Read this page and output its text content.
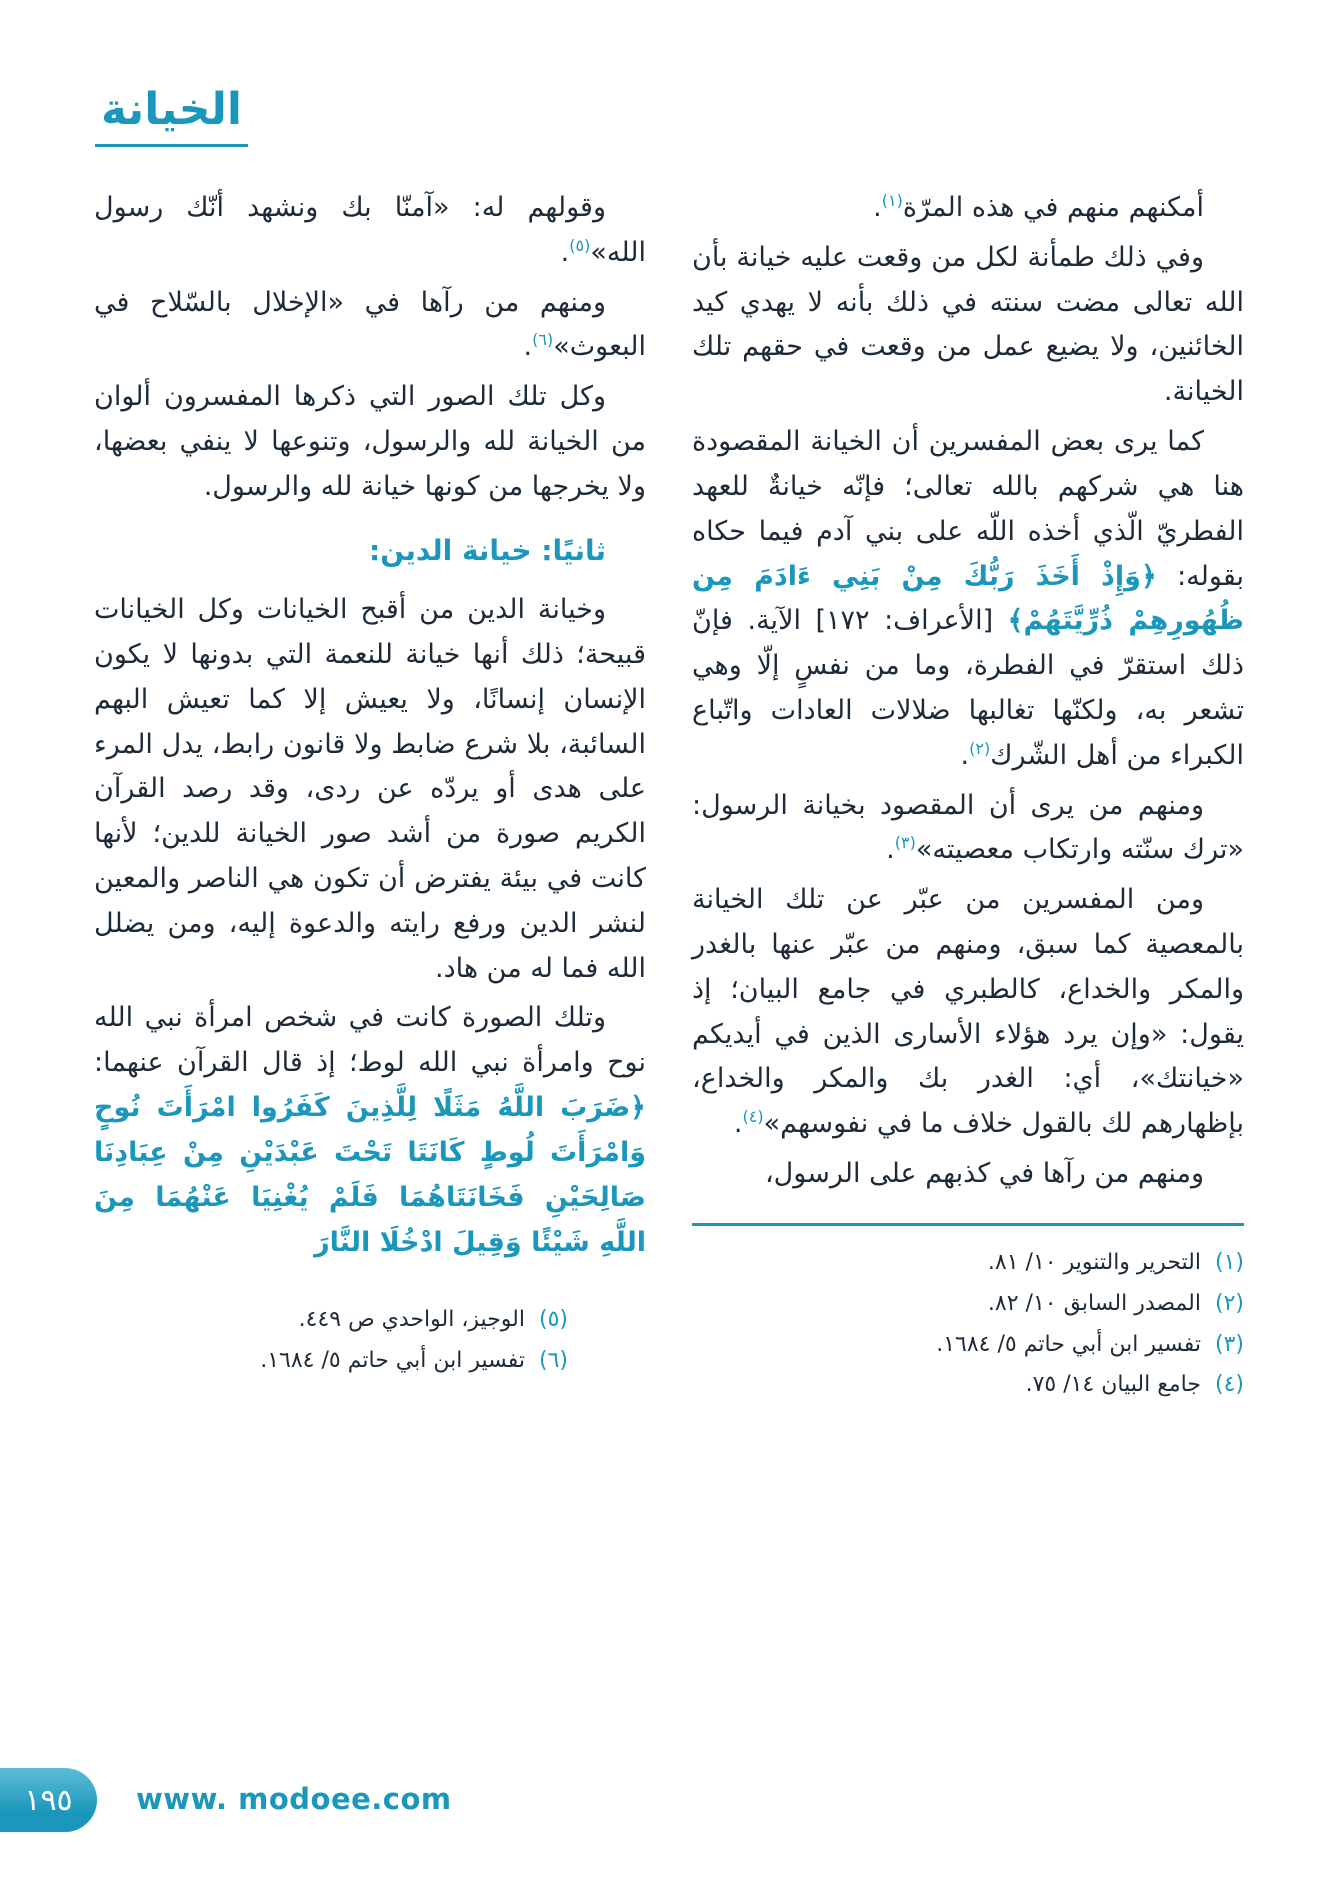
الخيانة

أمكنهم منهم في هذه المرّة$^{(١)}$.

وفي ذلك طمأنة لكل من وقعت عليه خيانة بأن الله تعالى مضت سنته في ذلك بأنه لا يهدي كيد الخائنين، ولا يضيع عمل من وقعت في حقهم تلك الخيانة.

كما يرى بعض المفسرين أن الخيانة المقصودة هنا هي شركهم بالله تعالى؛ فإنّه خيانةٌ للعهد الفطريّ الّذي أخذه اللّه على بني آدم فيما حكاه بقوله: ﴿وَإِذْ أَخَذَ رَبُّكَ مِنْ بَنِي ءَادَمَ مِن ظُهُورِهِمْ ذُرِّيَّتَهُمْ﴾ [الأعراف: ١٧٢] الآية. فإنّ ذلك استقرّ في الفطرة، وما من نفسٍ إلّا وهي تشعر به، ولكنّها تغالبها ضلالات العادات واتّباع الكبراء من أهل الشّرك$^{(٢)}$.

ومنهم من يرى أن المقصود بخيانة الرسول: «ترك سنّته وارتكاب معصيته»$^{(٣)}$.

ومن المفسرين من عبّر عن تلك الخيانة بالمعصية كما سبق، ومنهم من عبّر عنها بالغدر والمكر والخداع، كالطبري في جامع البيان؛ إذ يقول: «وإن يرد هؤلاء الأسارى الذين في أيديكم «خيانتك»، أي: الغدر بك والمكر والخداع، بإظهارهم لك بالقول خلاف ما في نفوسهم»$^{(٤)}$.

ومنهم من رآها في كذبهم على الرسول،

(١)
التحرير والتنوير ١٠/ ٨١.
(٢)
المصدر السابق ١٠/ ٨٢.
(٣)
تفسير ابن أبي حاتم ٥/ ١٦٨٤.
(٤)
جامع البيان ١٤/ ٧٥.

وقولهم له: «آمنّا بك ونشهد أنّك رسول الله»$^{(٥)}$.

ومنهم من رآها في «الإخلال بالسّلاح في البعوث»$^{(٦)}$.

وكل تلك الصور التي ذكرها المفسرون ألوان من الخيانة لله والرسول، وتنوعها لا ينفي بعضها، ولا يخرجها من كونها خيانة لله والرسول.

ثانيًا: خيانة الدين:

وخيانة الدين من أقبح الخيانات وكل الخيانات قبيحة؛ ذلك أنها خيانة للنعمة التي بدونها لا يكون الإنسان إنسانًا، ولا يعيش إلا كما تعيش البهم السائبة، بلا شرع ضابط ولا قانون رابط، يدل المرء على هدى أو يردّه عن ردى، وقد رصد القرآن الكريم صورة من أشد صور الخيانة للدين؛ لأنها كانت في بيئة يفترض أن تكون هي الناصر والمعين لنشر الدين ورفع رايته والدعوة إليه، ومن يضلل الله فما له من هاد.

وتلك الصورة كانت في شخص امرأة نبي الله نوح وامرأة نبي الله لوط؛ إذ قال القرآن عنهما: ﴿ضَرَبَ اللَّهُ مَثَلًا لِلَّذِينَ كَفَرُوا امْرَأَتَ نُوحٍ وَامْرَأَتَ لُوطٍ كَانَتَا تَحْتَ عَبْدَيْنِ مِنْ عِبَادِنَا صَالِحَيْنِ فَخَانَتَاهُمَا فَلَمْ يُغْنِيَا عَنْهُمَا مِنَ اللَّهِ شَيْئًا وَقِيلَ ادْخُلَا النَّارَ

(٥)
الوجيز، الواحدي ص ٤٤٩.
(٦)
تفسير ابن أبي حاتم ٥/ ١٦٨٤.
١٩٥ www. modoee.com
